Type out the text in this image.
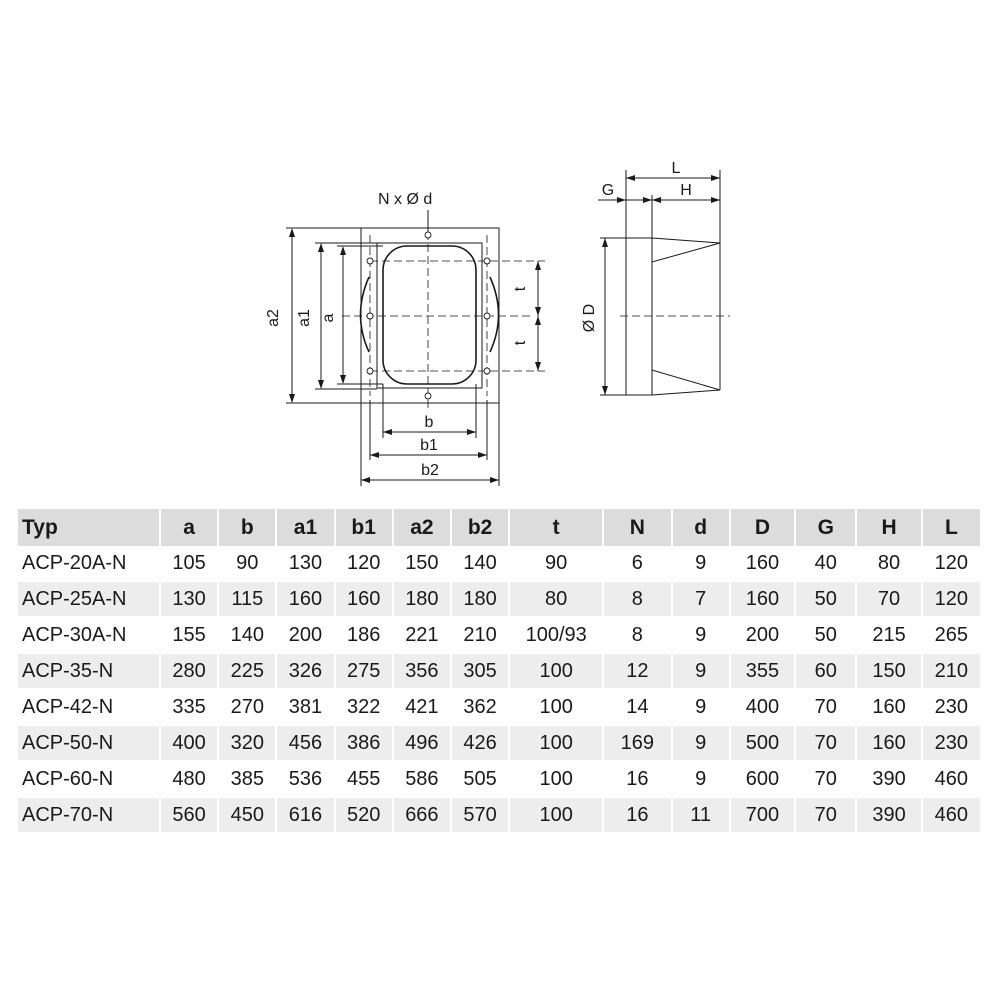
N x Ø d
a2 a1 a
t
t
b
b1
b2
L
G	H
Ø D
Typ	a	b	a1	b1	a2	b2	t	N	d	D	G	H	L
ACP-20A-N	105	90	130	120	150	140	90	6	9	160	40	80	120
ACP-25A-N	130	115	160	160	180	180	80	8	7	160	50	70	120
ACP-30A-N	155	140	200	186	221	210	100/93	8	9	200	50	215	265
ACP-35-N	280	225	326	275	356	305	100	12	9	355	60	150	210
ACP-42-N	335	270	381	322	421	362	100	14	9	400	70	160	230
ACP-50-N	400	320	456	386	496	426	100	169	9	500	70	160	230
ACP-60-N	480	385	536	455	586	505	100	16	9	600	70	390	460
ACP-70-N	560	450	616	520	666	570	100	16	11	700	70	390	460
